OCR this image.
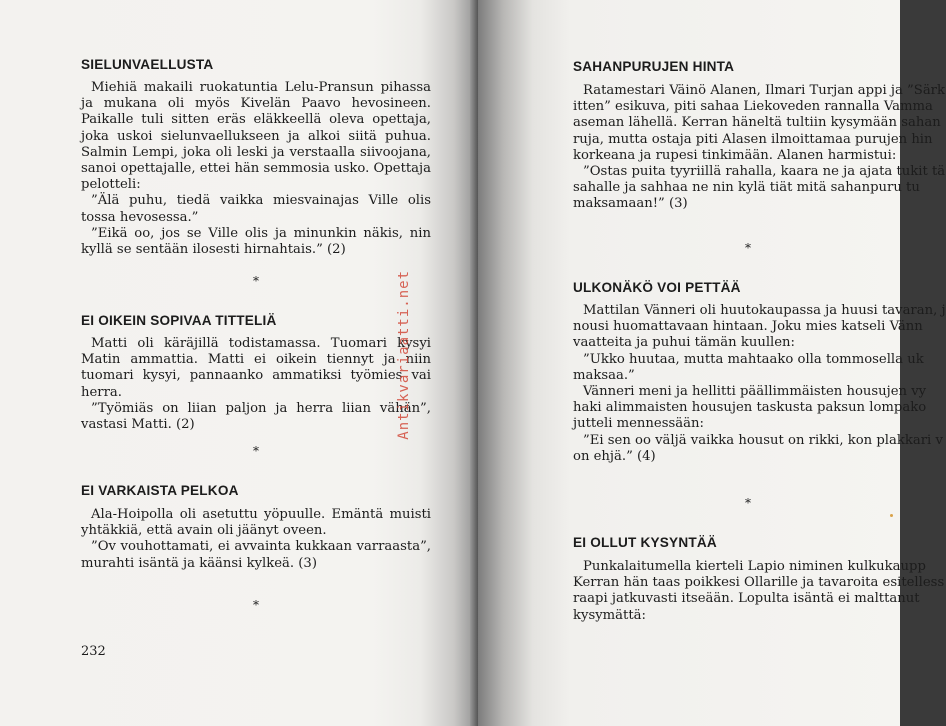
SIELUNVAELLUSTA

Miehiä makaili ruokatuntia Lelu-Pransun pihassa ja mukana oli myös Kivelän Paavo hevosineen. Paikalle tuli sitten eräs eläkkeellä oleva opettaja, joka uskoi sielunvaellukseen ja alkoi siitä puhua. Salmin Lempi, joka oli leski ja verstaalla siivoojana, sanoi opettajalle, ettei hän semmosia usko. Opettaja pelotteli:

”Älä puhu, tiedä vaikka miesvainajas Ville olis tossa hevosessa.”

”Eikä oo, jos se Ville olis ja minunkin näkis, nin kyllä se sentään ilosesti hirnahtais.” (2)

*
EI OIKEIN SOPIVAA TITTELIÄ

Matti oli käräjillä todistamassa. Tuomari kysyi Matin ammattia. Matti ei oikein tiennyt ja niin tuomari kysyi, pannaanko ammatiksi työmies vai herra.

”Työmiäs on liian paljon ja herra liian vähän”, vastasi Matti. (2)

*
EI VARKAISTA PELKOA

Ala-Hoipolla oli asetuttu yöpuulle. Emäntä muisti yhtäkkiä, että avain oli jäänyt oveen.

”Ov vouhottamati, ei avvainta kukkaan varraasta”, murahti isäntä ja käänsi kylkeä. (3)

*
232
Antikvariaatti.net
SAHANPURUJEN HINTA
Ratamestari Väinö Alanen, Ilmari Turjan appi ja ”Särk
itten” esikuva, piti sahaa Liekoveden rannalla Vamma
aseman lähellä. Kerran häneltä tultiin kysymään sahan
ruja, mutta ostaja piti Alasen ilmoittamaa purujen hin
korkeana ja rupesi tinkimään. Alanen harmistui:
”Ostas puita tyyriillä rahalla, kaara ne ja ajata tukit tä
sahalle ja sahhaa ne nin kylä tiät mitä sahanpuru tu
maksamaan!” (3)
*
ULKONÄKÖ VOI PETTÄÄ
Mattilan Vänneri oli huutokaupassa ja huusi tavaran, j
nousi huomattavaan hintaan. Joku mies katseli Vänn
vaatteita ja puhui tämän kuullen:
”Ukko huutaa, mutta mahtaako olla tommosella uk
maksaa.”
Vänneri meni ja hellitti päällimmäisten housujen vy
haki alimmaisten housujen taskusta paksun lompako
jutteli mennessään:
”Ei sen oo väljä vaikka housut on rikki, kon plakkari v
on ehjä.” (4)
*
EI OLLUT KYSYNTÄÄ
Punkalaitumella kierteli Lapio niminen kulkukaupp
Kerran hän taas poikkesi Ollarille ja tavaroita esitelless
raapi jatkuvasti itseään. Lopulta isäntä ei malttanut
kysymättä:
